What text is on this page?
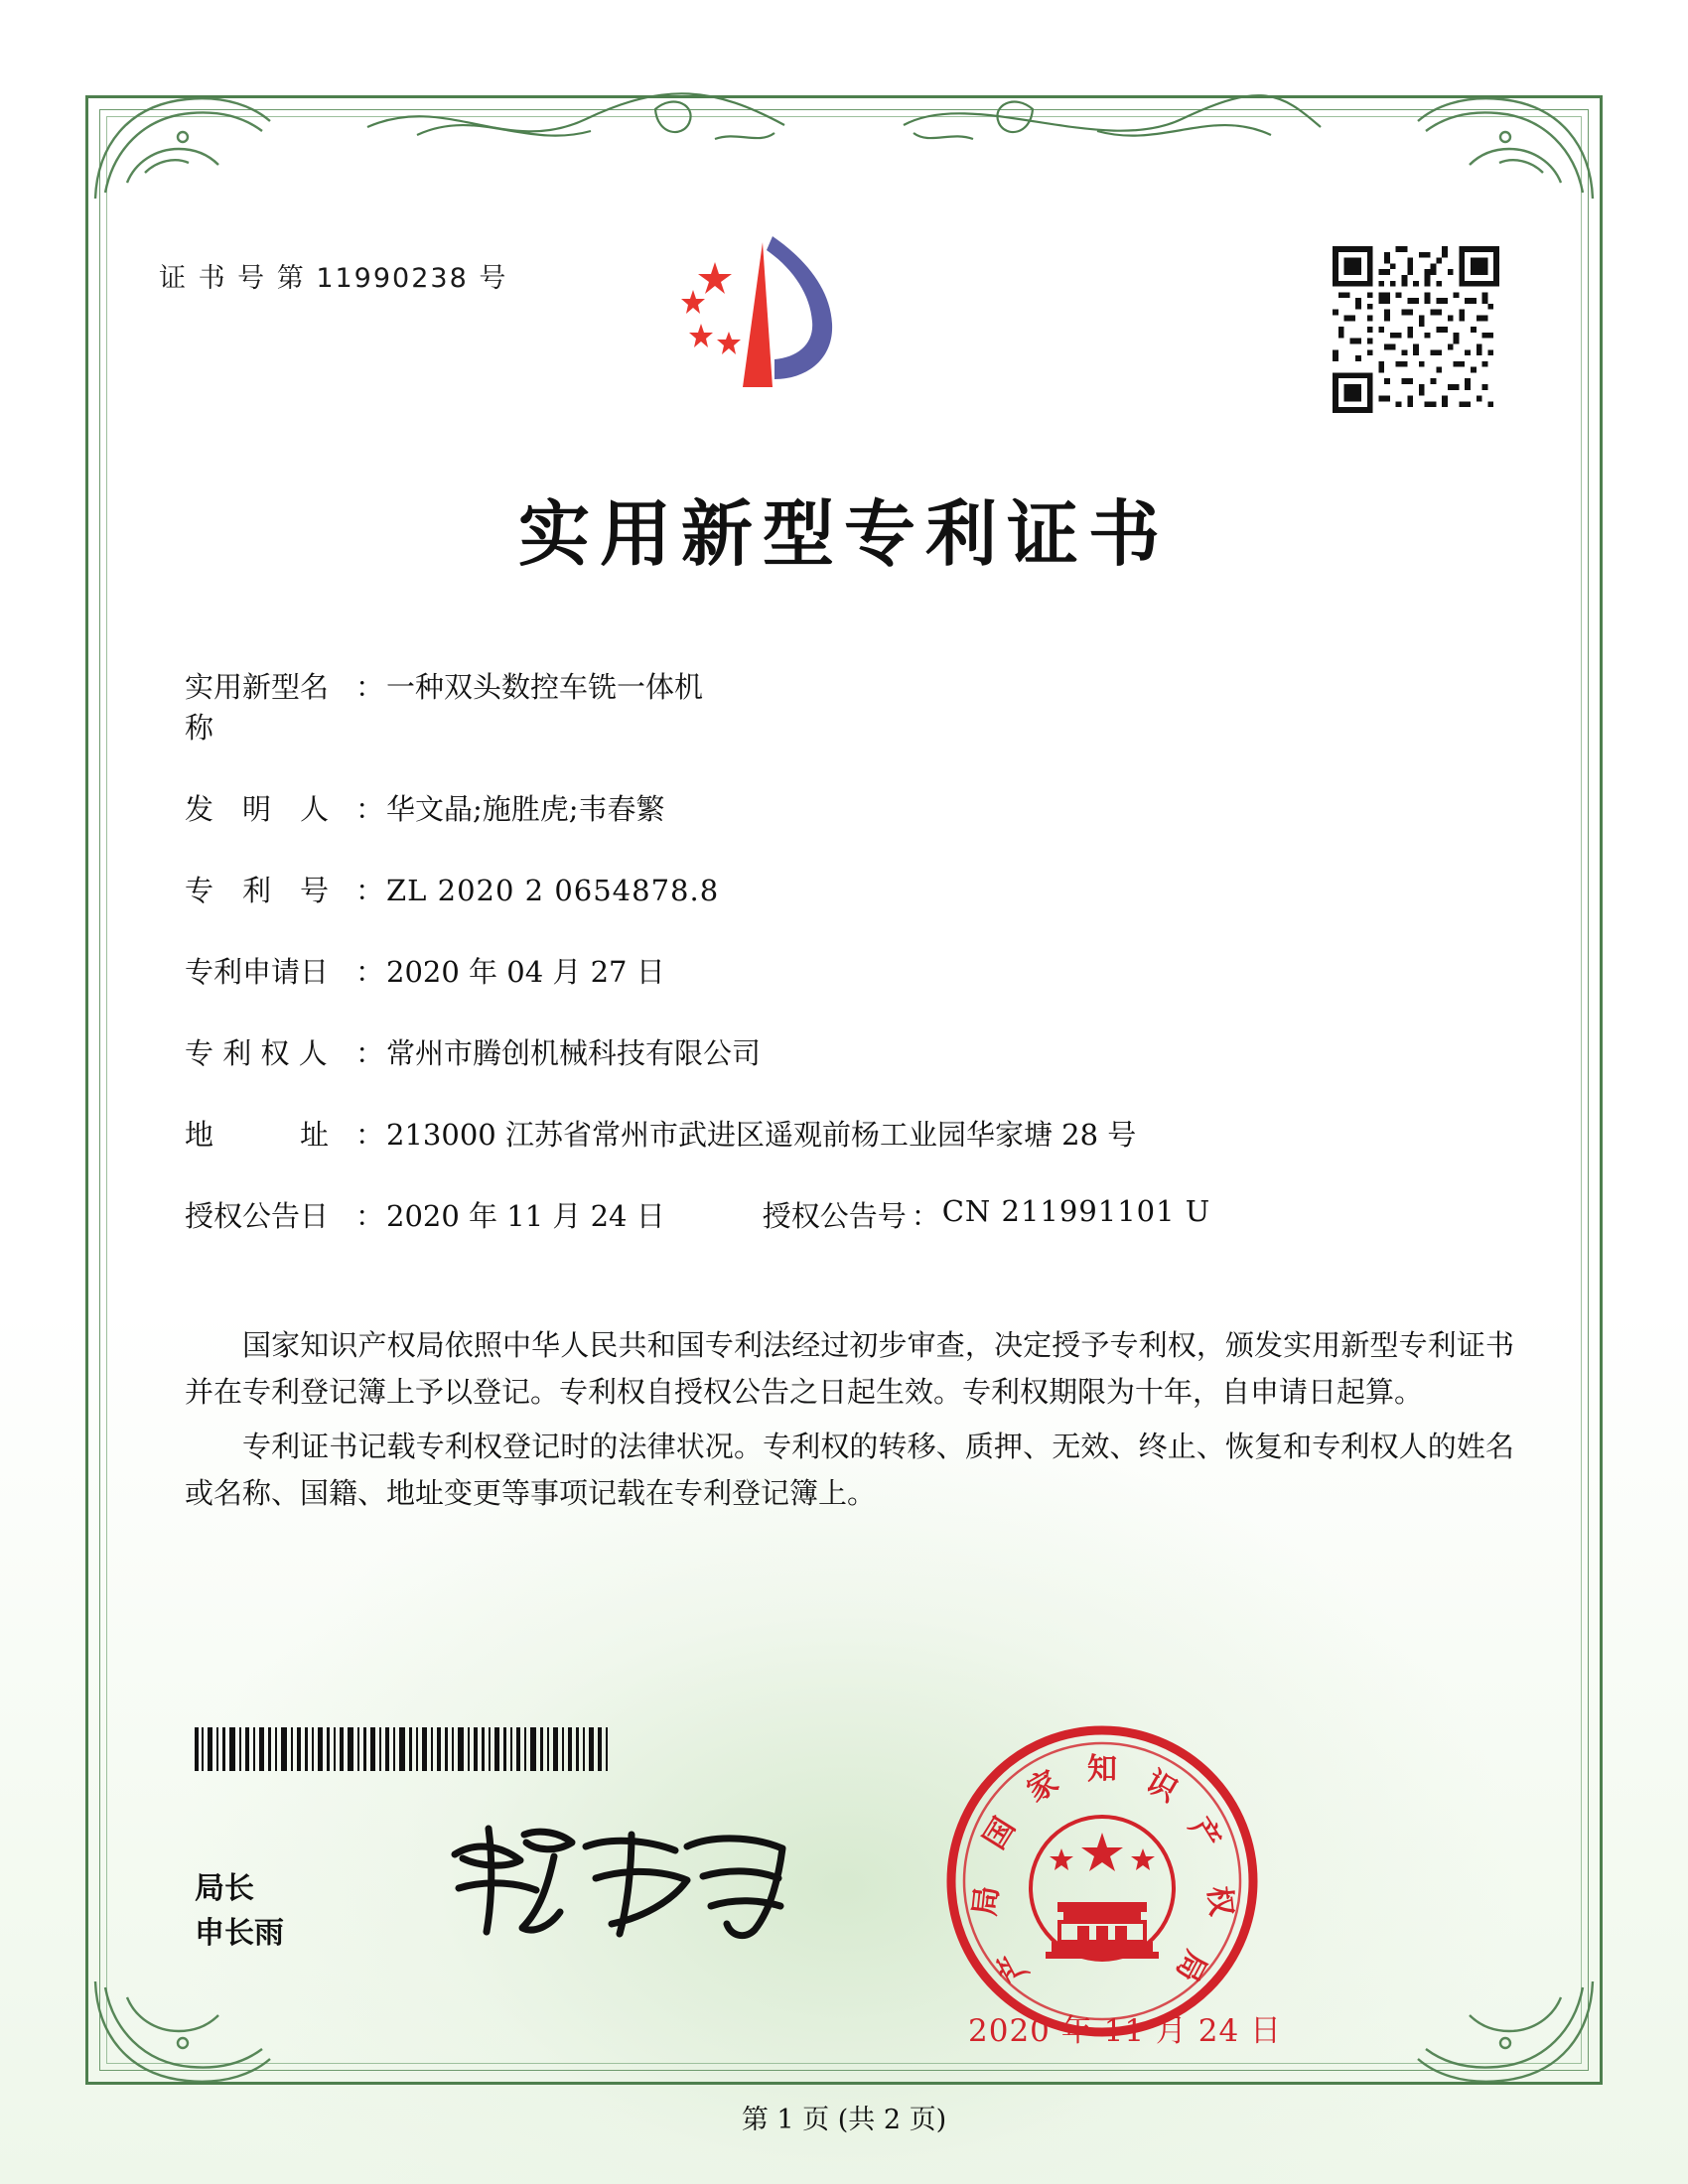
证 书 号 第 11990238 号
实用新型专利证书
实用新型名称
： 一种双头数控车铣一体机
发　明　人 ： 华文晶;施胜虎;韦春繁
专　利　号 ： ZL 2020 2 0654878.8
专利申请日 ： 2020 年 04 月 27 日
专 利 权 人 ： 常州市腾创机械科技有限公司
地　　　址 ： 213000 江苏省常州市武进区遥观前杨工业园华家塘 28 号
授权公告日 ： 2020 年 11 月 24 日	授权公告号 ： CN 211991101 U

国家知识产权局依照中华人民共和国专利法经过初步审查，决定授予专利权，颁发实用新型专利证书并在专利登记簿上予以登记。专利权自授权公告之日起生效。专利权期限为十年，自申请日起算。

专利证书记载专利权登记时的法律状况。专利权的转移、质押、无效、终止、恢复和专利权人的姓名或名称、国籍、地址变更等事项记载在专利登记簿上。

局长
申长雨
知
家
国
局
产
识
产
权
局
2020 年 11 月 24 日
第 1 页 (共 2 页)
